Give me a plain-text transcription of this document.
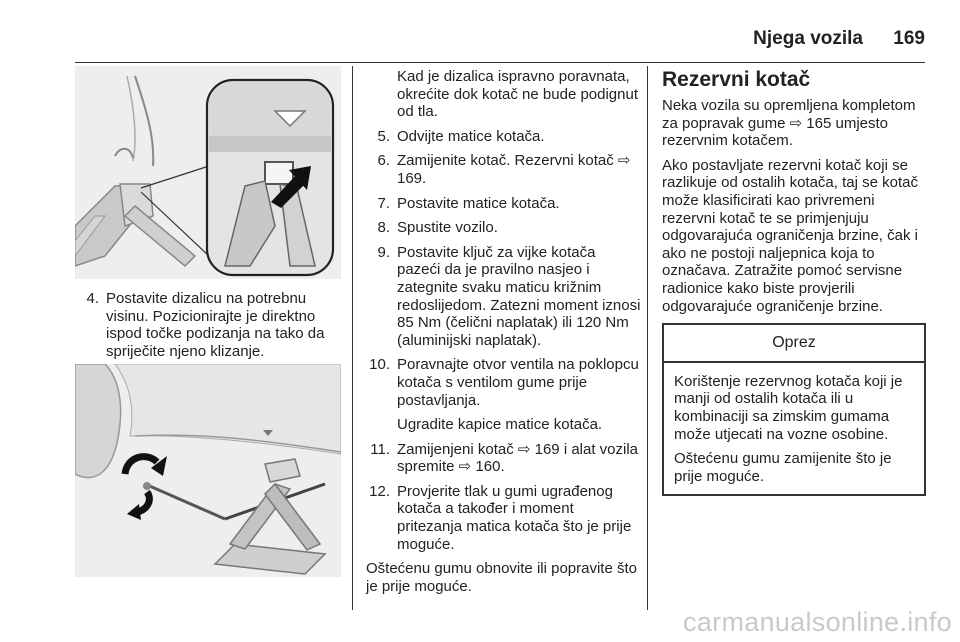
Njega vozila 169
4. Postavite dizalicu na potrebnu visinu. Pozicionirajte je direktno ispod točke podizanja na tako da spriječite njeno klizanje.

Kad je dizalica ispravno poravnata, okrećite dok kotač ne bude podignut od tla.

5. Odvijte matice kotača.

6. Zamijenite kotač. Rezervni kotač ⇨ 169.

7. Postavite matice kotača.

8. Spustite vozilo.

9. Postavite ključ za vijke kotača pazeći da je pravilno nasjeo i zategnite svaku maticu križnim redoslijedom. Zatezni moment iznosi 85 Nm (čelični naplatak) ili 120 Nm (aluminijski naplatak).

10. Poravnajte otvor ventila na poklopcu kotača s ventilom gume prije postavljanja.

Ugradite kapice matice kotača.

11. Zamijenjeni kotač ⇨ 169 i alat vozila spremite ⇨ 160.

12. Provjerite tlak u gumi ugrađenog kotača a također i moment pritezanja matica kotača što je prije moguće.

Oštećenu gumu obnovite ili popravite što je prije moguće.

Rezervni kotač

Neka vozila su opremljena kompletom za popravak gume ⇨ 165 umjesto rezervnim kotačem.

Ako postavljate rezervni kotač koji se razlikuje od ostalih kotača, taj se kotač može klasificirati kao privremeni rezervni kotač te se primjenjuju odgovarajuća ograničenja brzine, čak i ako ne postoji naljepnica koja to označava. Zatražite pomoć servisne radionice kako biste provjerili odgovarajuće ograničenje brzine.

Oprez

Korištenje rezervnog kotača koji je manji od ostalih kotača ili u kombinaciji sa zimskim gumama može utjecati na vozne osobine.

Oštećenu gumu zamijenite što je prije moguće.

carmanualsonline.info
